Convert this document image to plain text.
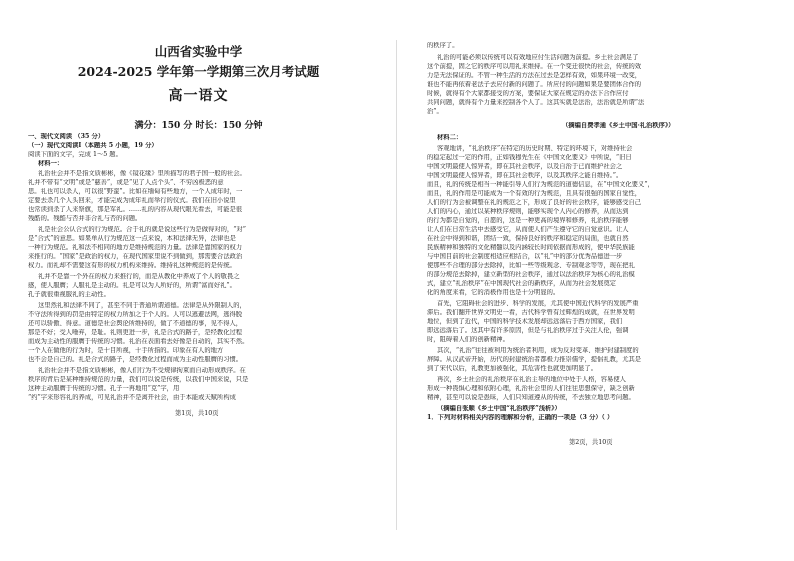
山西省实验中学
2024-2025 学年第一学期第三次月考试题
高一语文
满分：150 分 时长：150 分钟
一、现代文阅读 （35 分）
（一）现代文阅读Ⅰ（本题共 5 小题，19 分）
阅读下面的文字，完成 1～5 题。
材料一：
礼治社会并不是指文质彬彬，像《镜花缘》里所描写的君子国一般的社会。
礼并不带有“文明”或是“慈善”，或是“见了人点个头”、不穷凶极恶的意
思。礼也可以杀人，可以很“野蛮”。比如在缅甸有些地方，一个人成年时，一
定要去杀几个人头回来，才能完成为成年礼而举行的仪式。我们在旧小说里
也常读到杀了人来祭旗，那是军礼。……礼的内容从现代眼光看去，可能是很
残酷的。残酷与否并非合礼与否的问题。
礼是社会公认合式的行为规范。合于礼的就是说这些行为是做得对的，“对”
是“合式”的意思。如果单从行为规范这一点来说，本和法律无异，法律也是
一种行为规范。礼和法不相同的地方是维持规范的力量。法律是靠国家的权力
来推行的。“国家”是政治的权力，在现代国家里说不到做到，那需要合法政治
权力。而礼却不需要这有形的权力机构来维持。维持礼这种规范的是传统。
礼并不是靠一个外在的权力来推行的，而是从教化中养成了个人的敬畏之
感，使人服膺；人服礼是主动的。礼是可以为人所好的，所谓“富而好礼”。
孔子就很重视服礼的主动性。
这里然礼和法律不同了，甚至不同于普通所谓道德。法律是从外限制人的，
不守法所得到的罚是由特定的权力所加之于个人的。人可以逃避法网，逃得脱
还可以骄傲、得意。道德是社会舆论所维持的，做了不道德的事，见不得人，
那是不好；受人唾弃，是耻。礼则更进一步，礼是合式的路子，是经教化过程
而成为主动性的服膺于传统的习惯。礼治在表面看去好像是自动的，其实不然。
一个人在做他的行为时，是十目所视，十手所指的。印象在有人的地方
也不会是自己的。礼是合式的路子，是经教化过程而成为主动性服膺的习惯。
礼治社会并不是指文质彬彬，像人们行为不受规律拘束而自动形成秩序。在
秩序的背后是某种维持规范的力量，我们可以说是传统，以我们中国来说，只是
这种主动服膺于传统的习惯。孔子一再地用“克”字，用
“约”字来形容礼的养成，可见礼治并不是离开社会，由于本能或天赋所构成
第1页，共10页
的秩序了。
礼治的可能必须以传统可以有效地应付生活问题为前提。乡土社会满足了
这个前提，固之它的秩序可以用礼来维持。在一个变迁很快的社会，传统的效
力是无法保证的。不管一种生活的方法在过去是怎样有效，如果环境一改变，
谁也不能再依着老法子去应付新的问题了。所应付的问题如果是要团体合作的
时候，就得有个大家都接受的方案，要保证大家在规定的办法下合作应付
共同问题，就得有个力量来控制各个人了。这其实就是法治，法治就是所谓“法
治”。
（摘编自费孝通《乡土中国·礼治秩序》）
材料二：
客观地讲，“礼治秩序”在特定的历史时期、特定的环境下，对维持社会
的稳定起过一定的作用，正如钱穆先生在《中国文化要义》中所说，“旧日
中国文明最使人惊异者，即在其社会秩序，以及自治于已而维护社会之
中国文明最使人惊异者，即在其社会秩序，以及其秩序之能自维持。”。
而且，礼的传统是相当一种能引导人们行为规范的道德信息，在“中国文化要义”，
而且，礼的作用是可能成为一个有效的行为规范，且具有很强的国家自觉性，
人们的行为会被调整在礼的规范之下，形成了良好的社会秩序，能够感受自己
人们的内心，通过以某种秩序规则，能够实现个人内心的修养，从而达到
的行为都是自觉的，自愿的，这是一种更高的境界和修养，礼治秩序能够
让人们在日常生活中去感受它，从而使人们产生遵守它的自觉意识。让人
在社会中得到和谐，团结一致，保持良好的秩序和稳定的局面，也就自然
民族精神和独特的文化精髓以及内涵较长时间依据而形成的，使中华民族能
与中国目前的社会制度相适应相结合，以“礼”中的部分优秀品德进一步
使那些不合理的部分去除掉，比如一些等级观念、专制观念等等，现在把礼
的部分规范去除掉，建立新型的社会秩序，通过以法治秩序为核心的礼治模
式，建立“礼治秩序”在中国现代社会的新秩序，从而为社会发展奠定
化的角度来看，它的消极作用也是十分明显的。
首先，它阻碍社会的进步、科学的发展，尤其使中国近代科学的发展严重
滞后。我们翻开世界文明史一看，古代科学曾有过辉煌的成就，在世界发明
地位，但到了近代，中国的科学技术发展却远远落后于西方国家，我们
即远远落后了。这其中有许多原因，但是与礼治秩序过于关注人伦，强调
时，阻碍着人们的创新精神。
其次，“礼治”往往被利用为统治者利用，成为反对变革、维护封建制度的
屏障。从汉武帝开始，历代的封建统治者都极力推崇儒学，提倡礼教，尤其是
到了宋代以后，礼教更加被强化，其危害性也就更加明显了。
再次，乡土社会的礼治秩序在礼治主导的地位中处于人格，容易使人
形成一种畏惧心理和依附心理，礼治社会里的人们往往思想保守，缺乏创新
精神，甚至可以说是愚昧，人们只知道遵从的传统，不去独立地思考问题。
（摘编自张顺《乡土中国“礼治秩序”浅析》）
1．下列对材料相关内容的理解和分析，正确的一项是（3 分）（ ）
第2页，共10页
